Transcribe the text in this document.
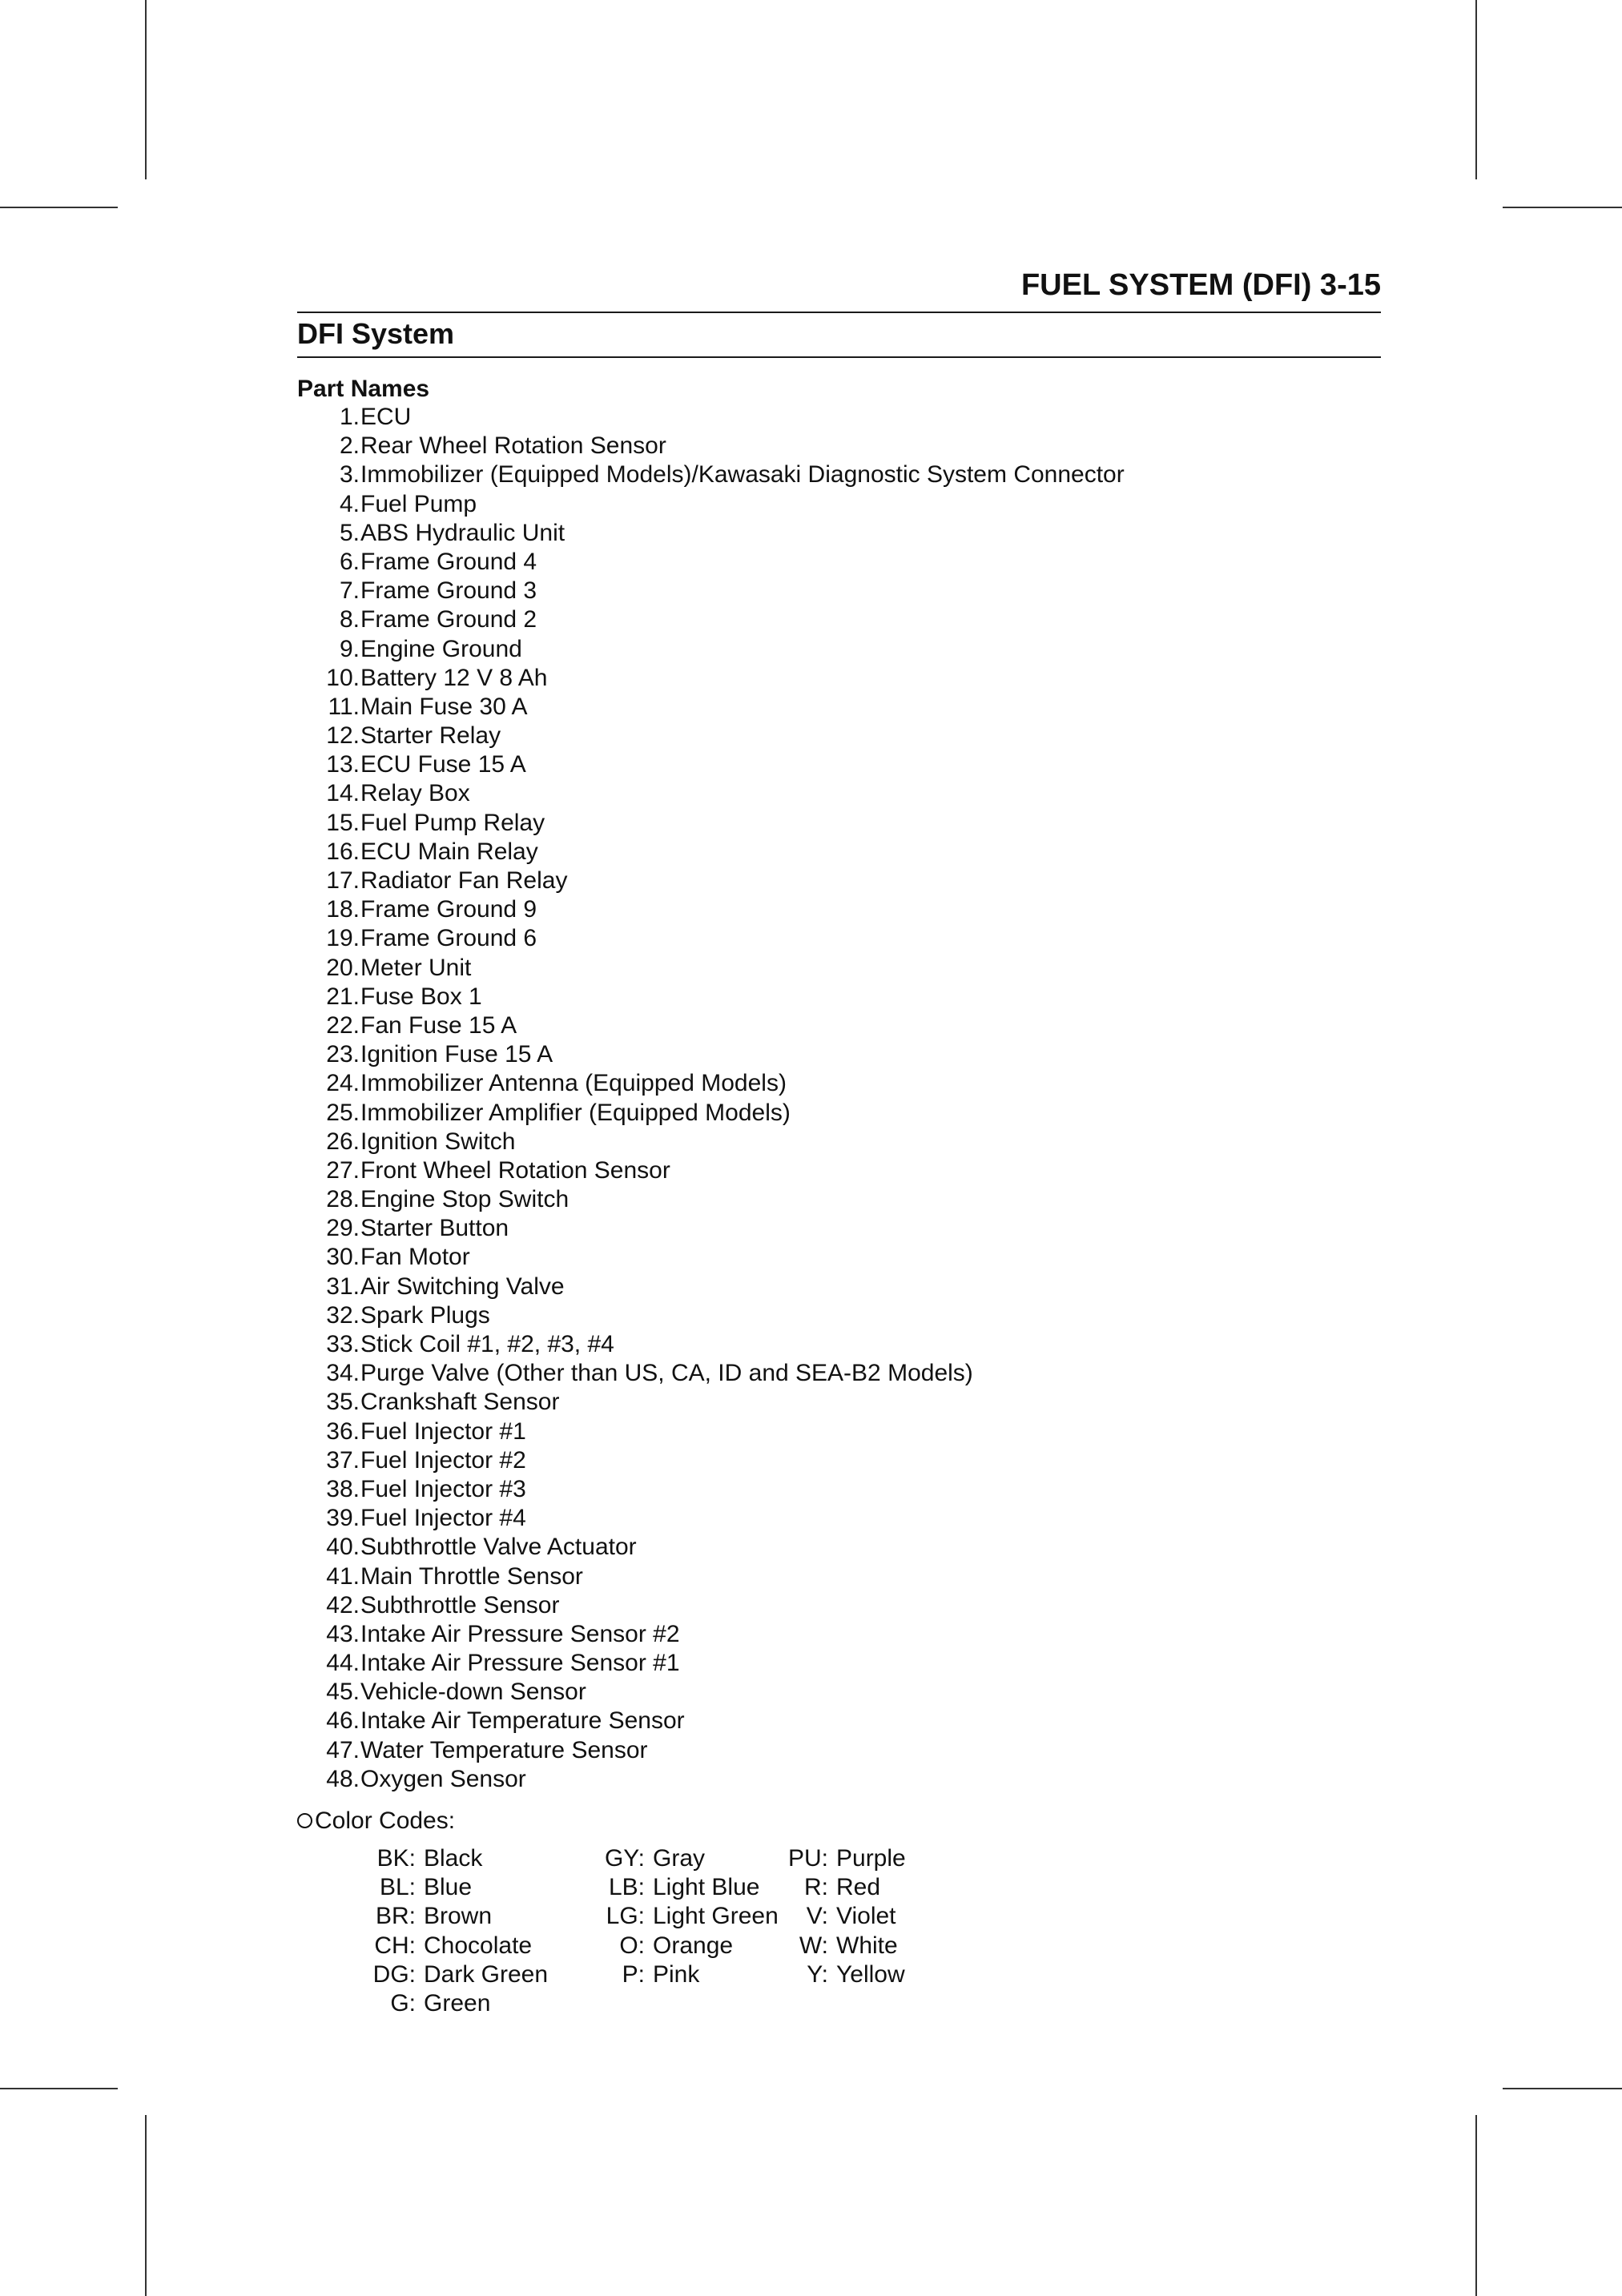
FUEL SYSTEM (DFI) 3-15
DFI System
Part Names
1. ECU
2. Rear Wheel Rotation Sensor
3. Immobilizer (Equipped Models)/Kawasaki Diagnostic System Connector
4. Fuel Pump
5. ABS Hydraulic Unit
6. Frame Ground 4
7. Frame Ground 3
8. Frame Ground 2
9. Engine Ground
10. Battery 12 V 8 Ah
11. Main Fuse 30 A
12. Starter Relay
13. ECU Fuse 15 A
14. Relay Box
15. Fuel Pump Relay
16. ECU Main Relay
17. Radiator Fan Relay
18. Frame Ground 9
19. Frame Ground 6
20. Meter Unit
21. Fuse Box 1
22. Fan Fuse 15 A
23. Ignition Fuse 15 A
24. Immobilizer Antenna (Equipped Models)
25. Immobilizer Amplifier (Equipped Models)
26. Ignition Switch
27. Front Wheel Rotation Sensor
28. Engine Stop Switch
29. Starter Button
30. Fan Motor
31. Air Switching Valve
32. Spark Plugs
33. Stick Coil #1, #2, #3, #4
34. Purge Valve (Other than US, CA, ID and SEA-B2 Models)
35. Crankshaft Sensor
36. Fuel Injector #1
37. Fuel Injector #2
38. Fuel Injector #3
39. Fuel Injector #4
40. Subthrottle Valve Actuator
41. Main Throttle Sensor
42. Subthrottle Sensor
43. Intake Air Pressure Sensor #2
44. Intake Air Pressure Sensor #1
45. Vehicle-down Sensor
46. Intake Air Temperature Sensor
47. Water Temperature Sensor
48. Oxygen Sensor
Color Codes:
BK: Black
BL: Blue
BR: Brown
CH: Chocolate
DG: Dark Green
G: Green
GY: Gray
LB: Light Blue
LG: Light Green
O: Orange
P: Pink
PU: Purple
R: Red
V: Violet
W: White
Y: Yellow
